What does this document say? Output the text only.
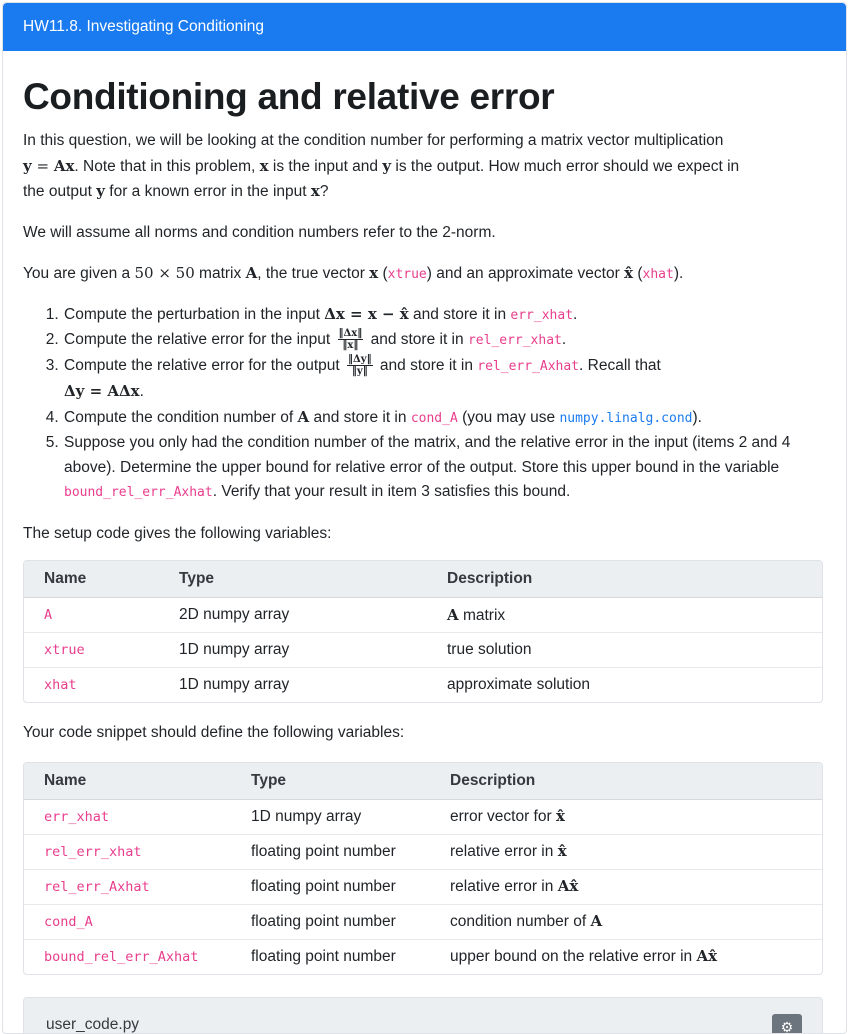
HW11.8. Investigating Conditioning
Conditioning and relative error

In this question, we will be looking at the condition number for performing a matrix vector multiplication
y = Ax. Note that in this problem, x is the input and y is the output. How much error should we expect in
the output y for a known error in the input x?

We will assume all norms and condition numbers refer to the 2-norm.

You are given a 50 × 50 matrix A, the true vector x (xtrue) and an approximate vector x̂ (xhat).

1. Compute the perturbation in the input Δx = x − x̂ and store it in err_xhat.
2. Compute the relative error for the input $\frac{‖\Delta x‖}{‖x‖}$ and store it in rel_err_xhat.
3. Compute the relative error for the output $\frac{‖\Delta y‖}{‖y‖}$ and store it in rel_err_Axhat. Recall that
Δy = AΔx.
4. Compute the condition number of A and store it in cond_A (you may use numpy.linalg.cond).
5. Suppose you only had the condition number of the matrix, and the relative error in the input (items 2 and 4 above). Determine the upper bound for relative error of the output. Store this upper bound in the variable bound_rel_err_Axhat. Verify that your result in item 3 satisfies this bound.

The setup code gives the following variables:

Name	Type	Description
A	2D numpy array	A matrix
xtrue	1D numpy array	true solution
xhat	1D numpy array	approximate solution

Your code snippet should define the following variables:

Name	Type	Description
err_xhat	1D numpy array	error vector for x̂
rel_err_xhat	floating point number	relative error in x̂
rel_err_Axhat	floating point number	relative error in Ax̂
cond_A	floating point number	condition number of A
bound_rel_err_Axhat	floating point number	upper bound on the relative error in Ax̂
user_code.py	⚙
